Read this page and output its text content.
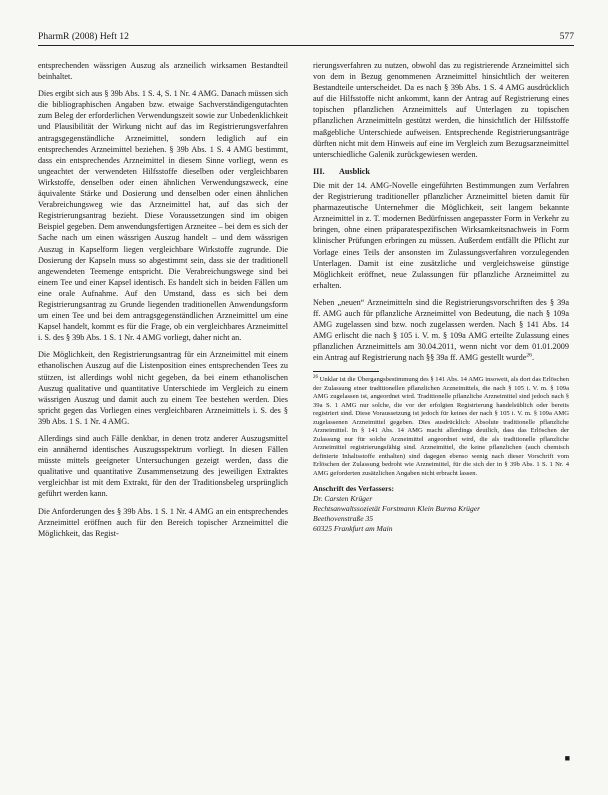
PharmR (2008) Heft 12	577

entsprechenden wässrigen Auszug als arzneilich wirksamen Bestandteil beinhaltet.

Dies ergibt sich aus § 39b Abs. 1 S. 4, S. 1 Nr. 4 AMG. Danach müssen sich die bibliographischen Angaben bzw. etwaige Sachverständigengutachten zum Beleg der erforderlichen Verwendungszeit sowie zur Unbedenklichkeit und Plausibilität der Wirkung nicht auf das im Registrierungsverfahren antragsgegenständliche Arzneimittel, sondern lediglich auf ein entsprechendes Arzneimittel beziehen. § 39b Abs. 1 S. 4 AMG bestimmt, dass ein entsprechendes Arzneimittel in diesem Sinne vorliegt, wenn es ungeachtet der verwendeten Hilfsstoffe dieselben oder vergleichbaren Wirkstoffe, denselben oder einen ähnlichen Verwendungszweck, eine äquivalente Stärke und Dosierung und denselben oder einen ähnlichen Verabreichungsweg wie das Arzneimittel hat, auf das sich der Registrierungsantrag bezieht. Diese Voraussetzungen sind im obigen Beispiel gegeben. Dem anwendungsfertigen Arzneitee – bei dem es sich der Sache nach um einen wässrigen Auszug handelt – und dem wässrigen Auszug in Kapselform liegen vergleichbare Wirkstoffe zugrunde. Die Dosierung der Kapseln muss so abgestimmt sein, dass sie der traditionell angewendeten Teemenge entspricht. Die Verabreichungswege sind bei einem Tee und einer Kapsel identisch. Es handelt sich in beiden Fällen um eine orale Aufnahme. Auf den Umstand, dass es sich bei dem Registrierungsantrag zu Grunde liegenden traditionellen Anwendungsform um einen Tee und bei dem antragsgegenständlichen Arzneimittel um eine Kapsel handelt, kommt es für die Frage, ob ein vergleichbares Arzneimittel i. S. des § 39b Abs. 1 S. 1 Nr. 4 AMG vorliegt, daher nicht an.

Die Möglichkeit, den Registrierungsantrag für ein Arzneimittel mit einem ethanolischen Auszug auf die Listenposition eines entsprechenden Tees zu stützen, ist allerdings wohl nicht gegeben, da bei einem ethanolischen Auszug qualitative und quantitative Unterschiede im Vergleich zu einem wässrigen Auszug und damit auch zu einem Tee bestehen werden. Dies spricht gegen das Vorliegen eines vergleichbaren Arzneimittels i. S. des § 39b Abs. 1 S. 1 Nr. 4 AMG.

Allerdings sind auch Fälle denkbar, in denen trotz anderer Auszugsmittel ein annähernd identisches Auszugsspektrum vorliegt. In diesen Fällen müsste mittels geeigneter Untersuchungen gezeigt werden, dass die qualitative und quantitative Zusammensetzung des jeweiligen Extraktes vergleichbar ist mit dem Extrakt, für den der Traditionsbeleg ursprünglich geführt werden kann.

Die Anforderungen des § 39b Abs. 1 S. 1 Nr. 4 AMG an ein entsprechendes Arzneimittel eröffnen auch für den Bereich topischer Arzneimittel die Möglichkeit, das Regist-

rierungsverfahren zu nutzen, obwohl das zu registrierende Arzneimittel sich von dem in Bezug genommenen Arzneimittel hinsichtlich der weiteren Bestandteile unterscheidet. Da es nach § 39b Abs. 1 S. 4 AMG ausdrücklich auf die Hilfsstoffe nicht ankommt, kann der Antrag auf Registrierung eines topischen pflanzlichen Arzneimittels auf Unterlagen zu topischen pflanzlichen Arzneimitteln gestützt werden, die hinsichtlich der Hilfsstoffe maßgebliche Unterschiede aufweisen. Entsprechende Registrierungsanträge dürften nicht mit dem Hinweis auf eine im Vergleich zum Bezugsarzneimittel unterschiedliche Galenik zurückgewiesen werden.

III. Ausblick

Die mit der 14. AMG-Novelle eingeführten Bestimmungen zum Verfahren der Registrierung traditioneller pflanzlicher Arzneimittel bieten damit für pharmazeutische Unternehmer die Möglichkeit, seit langem bekannte Arzneimittel in z. T. modernen Bedürfnissen angepasster Form in Verkehr zu bringen, ohne einen präparatespezifischen Wirksamkeitsnachweis in Form klinischer Prüfungen erbringen zu müssen. Außerdem entfällt die Pflicht zur Vorlage eines Teils der ansonsten im Zulassungsverfahren vorzulegenden Unterlagen. Damit ist eine zusätzliche und vergleichsweise günstige Möglichkeit eröffnet, neue Zulassungen für pflanzliche Arzneimittel zu erhalten.

Neben „neuen“ Arzneimitteln sind die Registrierungsvorschriften des § 39a ff. AMG auch für pflanzliche Arzneimittel von Bedeutung, die nach § 109a AMG zugelassen sind bzw. noch zugelassen werden. Nach § 141 Abs. 14 AMG erlischt die nach § 105 i. V. m. § 109a AMG erteilte Zulassung eines pflanzlichen Arzneimittels am 30.04.2011, wenn nicht vor dem 01.01.2009 ein Antrag auf Registrierung nach §§ 39a ff. AMG gestellt wurde$^{26}$.

$^{26}$ Unklar ist die Übergangsbestimmung des § 141 Abs. 14 AMG insoweit, als dort das Erlöschen der Zulassung einer traditionellen pflanzlichen Arzneimittels, die nach § 105 i. V. m. § 109a AMG zugelassen ist, angeordnet wird. Traditionelle pflanzliche Arzneimittel sind jedoch nach § 39a S. 1 AMG nur solche, die vor der erfolgten Registrierung handelsüblich oder bereits registriert sind. Diese Voraussetzung ist jedoch für keines der nach § 105 i. V. m. § 109a AMG zugelassenen Arzneimittel gegeben. Dies ausdrücklich: Absolute traditionelle pflanzliche Arzneimittel. In § 141 Abs. 14 AMG macht allerdings deutlich, dass das Erlöschen der Zulassung nur für solche Arzneimittel angeordnet wird, die als traditionelle pflanzliche Arzneimittel registrierungsfähig sind. Arzneimittel, die keine pflanzlichen (auch chemisch definierte Inhaltsstoffe enthalten) sind dagegen ebenso wenig nach dieser Vorschrift vom Erlöschen der Zulassung bedroht wie Arzneimittel, für die sich der in § 39b Abs. 1 S. 1 Nr. 4 AMG geforderten zusätzlichen Angaben nicht erbracht lassen.

Anschrift des Verfassers:
Dr. Carsten Krüger
Rechtsanwaltssozietät Forstmann Klein Burma Krüger
Beethovenstraße 35
60325 Frankfurt am Main
■
